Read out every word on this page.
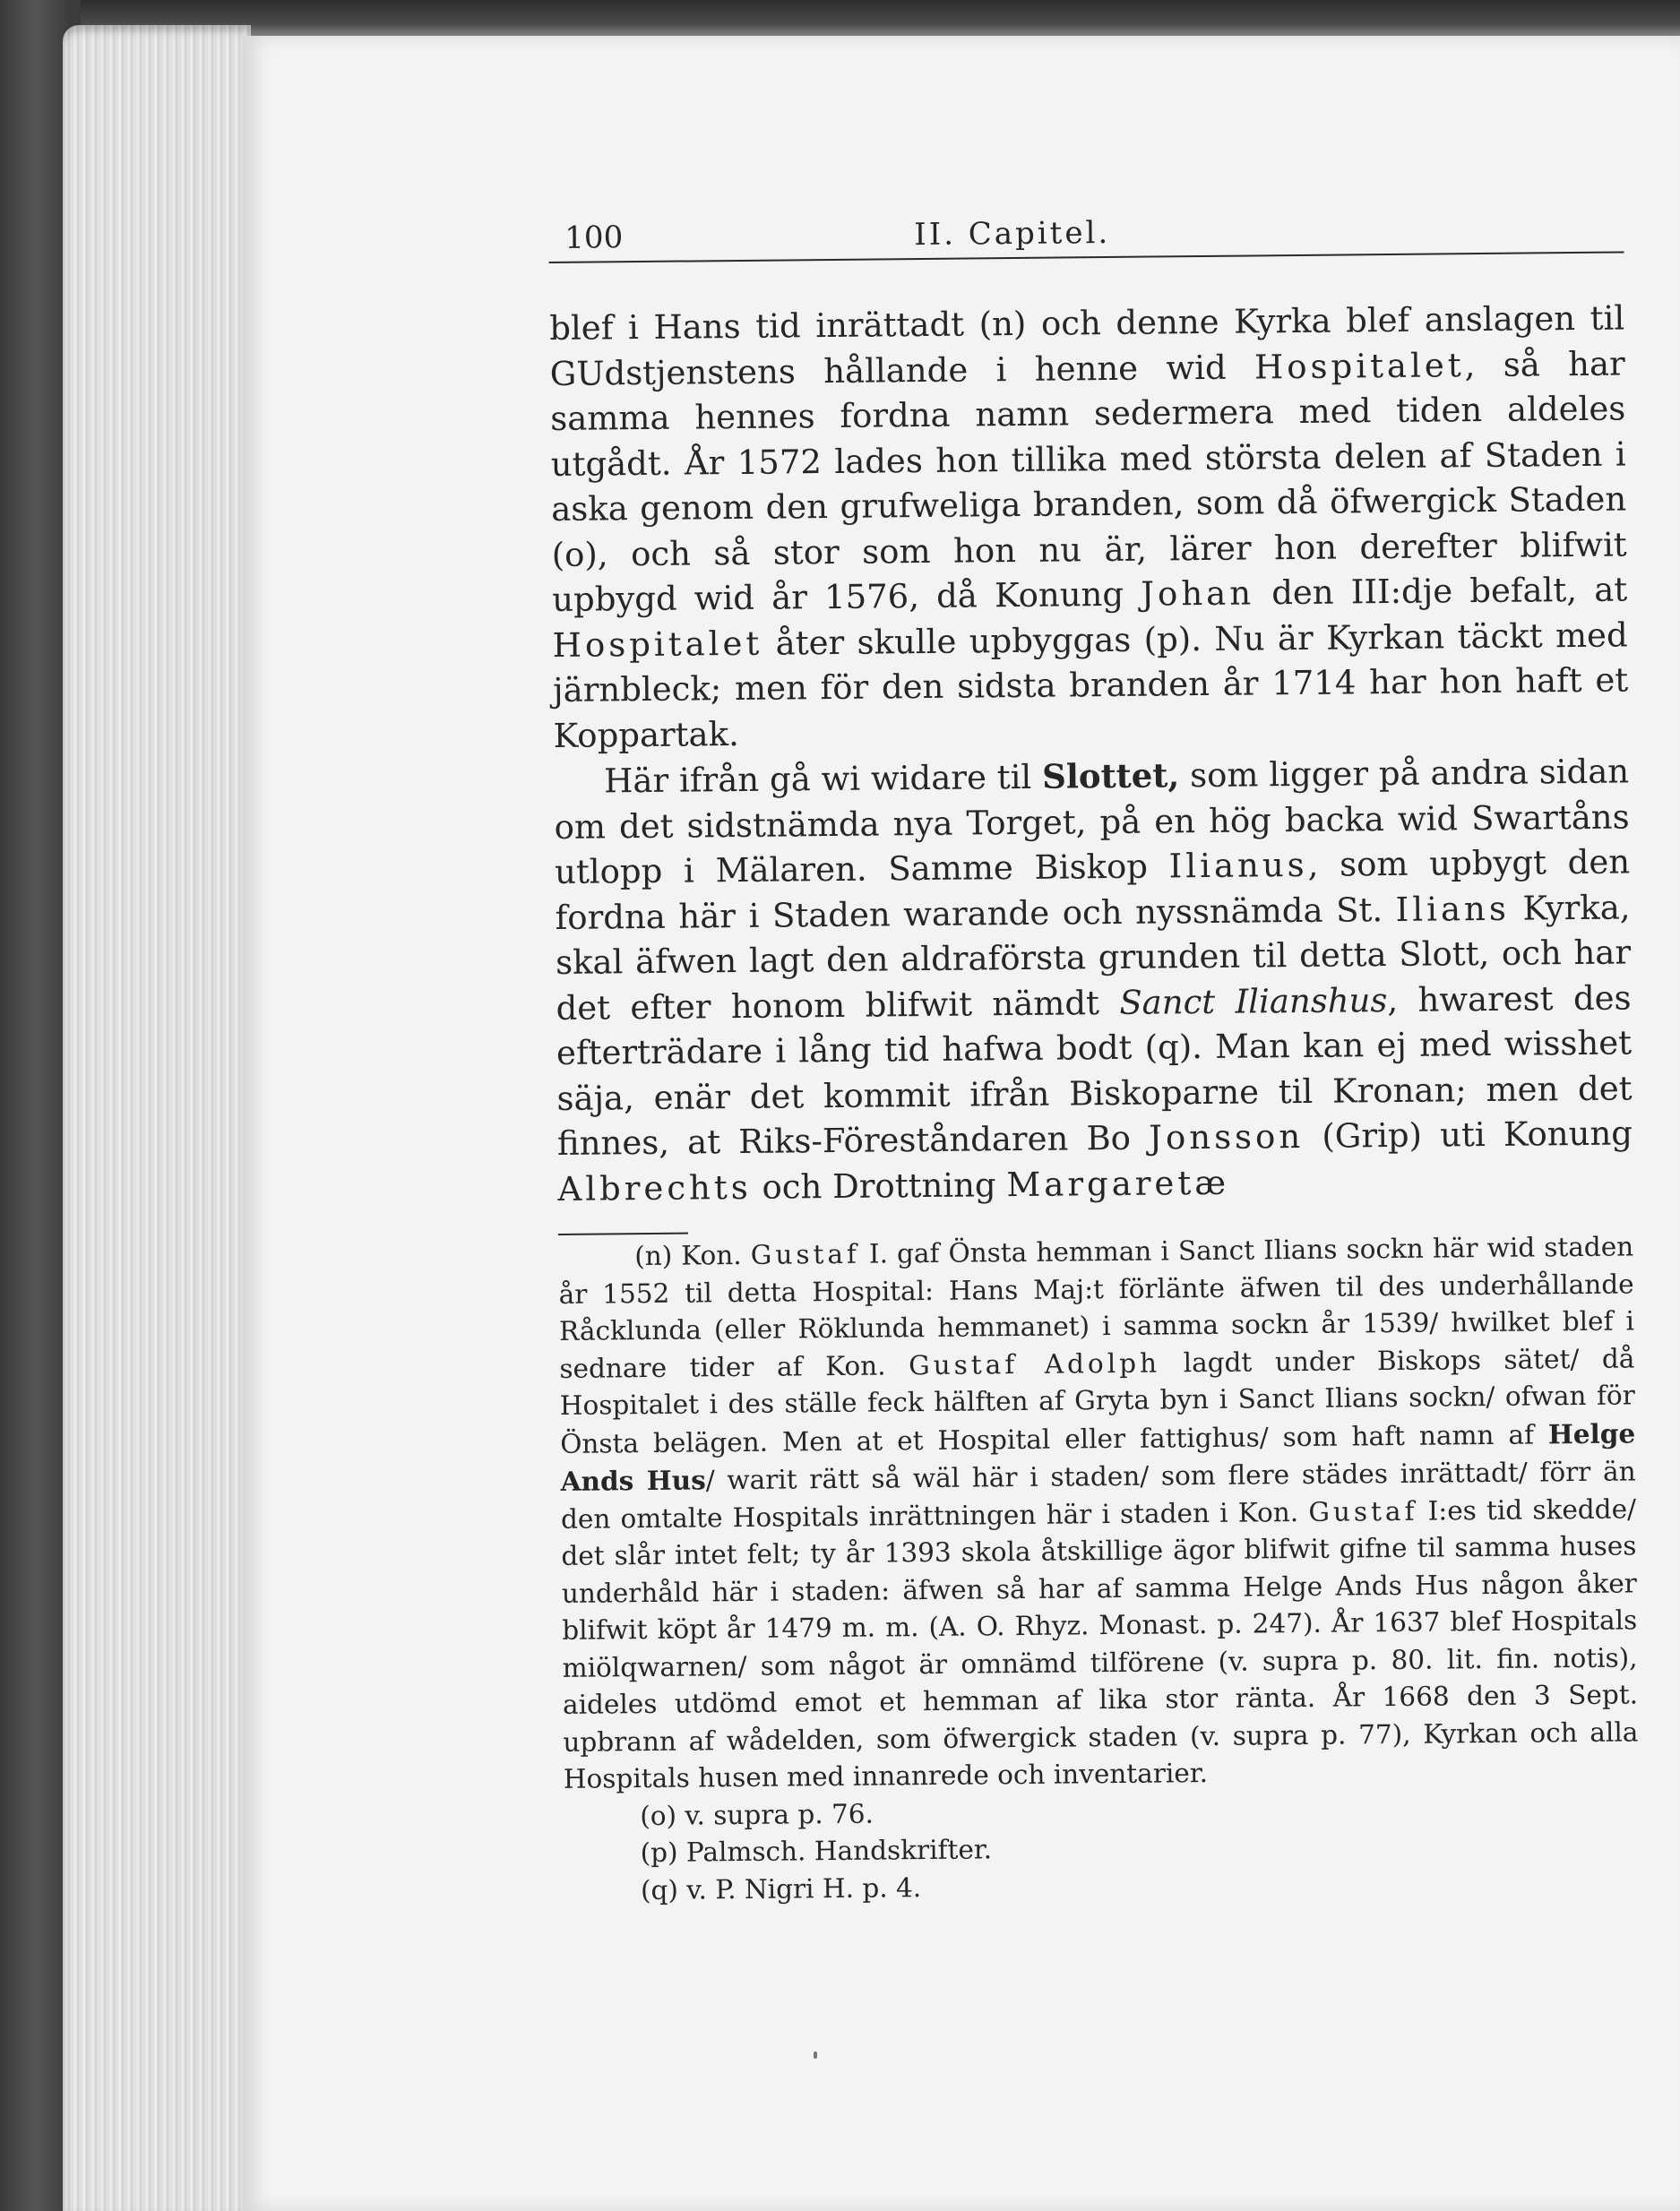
100	II. Capitel.

blef i Hans tid inrättadt (n) och denne Kyrka blef anslagen til GUdstjenstens hållande i henne wid Hospitalet, så har samma hennes fordna namn sedermera med tiden aldeles utgådt. År 1572 lades hon tillika med största delen af Staden i aska genom den grufweliga branden, som då öfwergick Staden (o), och så stor som hon nu är, lärer hon derefter blifwit upbygd wid år 1576, då Konung Johan den III:dje befalt, at Hospitalet åter skulle upbyggas (p). Nu är Kyrkan täckt med järnbleck; men för den sidsta branden år 1714 har hon haft et Koppartak.

Här ifrån gå wi widare til Slottet, som ligger på andra sidan om det sidstnämda nya Torget, på en hög backa wid Swartåns utlopp i Mälaren. Samme Biskop Ilianus, som upbygt den fordna här i Staden warande och nyssnämda St. Ilians Kyrka, skal äfwen lagt den aldraförsta grunden til detta Slott, och har det efter honom blifwit nämdt Sanct Ilianshus, hwarest des efterträdare i lång tid hafwa bodt (q). Man kan ej med wisshet säja, enär det kommit ifrån Biskoparne til Kronan; men det finnes, at Riks-Föreståndaren Bo Jonsson (Grip) uti Konung Albrechts och Drottning Margaretæ

(n) Kon. Gustaf I. gaf Önsta hemman i Sanct Ilians sockn här wid staden år 1552 til detta Hospital: Hans Maj:t förlänte äfwen til des underhållande Råcklunda (eller Röklunda hemmanet) i samma sockn år 1539/ hwilket blef i sednare tider af Kon. Gustaf Adolph lagdt under Biskops sätet/ då Hospitalet i des ställe feck hälften af Gryta byn i Sanct Ilians sockn/ ofwan för Önsta belägen. Men at et Hospital eller fattighus/ som haft namn af Helge Ands Hus/ warit rätt så wäl här i staden/ som flere städes inrättadt/ förr än den omtalte Hospitals inrättningen här i staden i Kon. Gustaf I:es tid skedde/ det slår intet felt; ty år 1393 skola åtskillige ägor blifwit gifne til samma huses underhåld här i staden: äfwen så har af samma Helge Ands Hus någon åker blifwit köpt år 1479 m. m. (A. O. Rhyz. Monast. p. 247). År 1637 blef Hospitals miölqwarnen/ som något är omnämd tilförene (v. supra p. 80. lit. fin. notis), aideles utdömd emot et hemman af lika stor ränta. År 1668 den 3 Sept. upbrann af wådelden, som öfwergick staden (v. supra p. 77), Kyrkan och alla Hospitals husen med innanrede och inventarier.

(o) v. supra p. 76.

(p) Palmsch. Handskrifter.

(q) v. P. Nigri H. p. 4.
